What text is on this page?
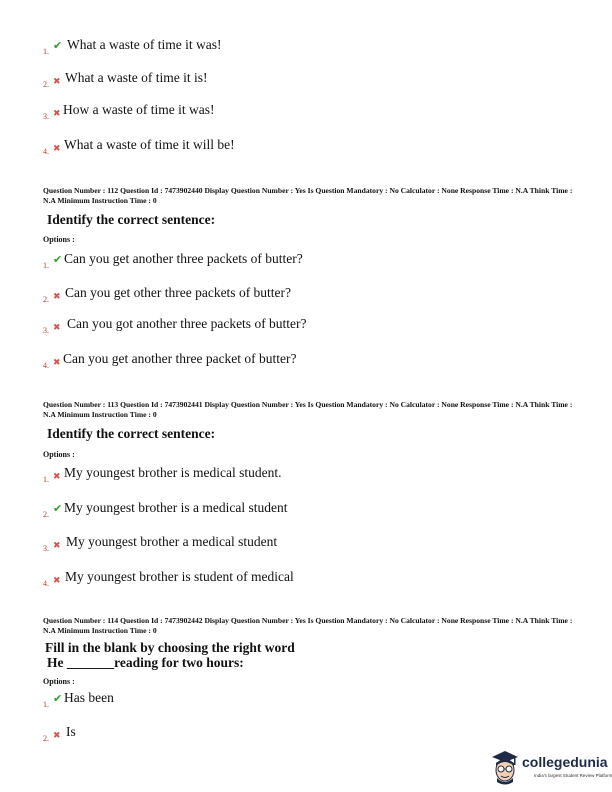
1. ✔ What a waste of time it was!
2. ✖ What a waste of time it is!
3. ✖ How a waste of time it was!
4. ✖ What a waste of time it will be!
Question Number : 112 Question Id : 7473902440 Display Question Number : Yes Is Question Mandatory : No Calculator : None Response Time : N.A Think Time : N.A Minimum Instruction Time : 0
Identify the correct sentence:
Options :
1. ✔ Can you get another three packets of butter?
2. ✖ Can you get other three packets of butter?
3. ✖ Can you got another three packets of butter?
4. ✖ Can you get another three packet of butter?
Question Number : 113 Question Id : 7473902441 Display Question Number : Yes Is Question Mandatory : No Calculator : None Response Time : N.A Think Time : N.A Minimum Instruction Time : 0
Identify the correct sentence:
Options :
1. ✖ My youngest brother is medical student.
2. ✔ My youngest brother is a medical student
3. ✖ My youngest brother a medical student
4. ✖ My youngest brother is student of medical
Question Number : 114 Question Id : 7473902442 Display Question Number : Yes Is Question Mandatory : No Calculator : None Response Time : N.A Think Time : N.A Minimum Instruction Time : 0
Fill in the blank by choosing the right word
He _______reading for two hours:
Options :
1. ✔ Has been
2. ✖ Is
collegedunia
India's largest Student Review Platform
